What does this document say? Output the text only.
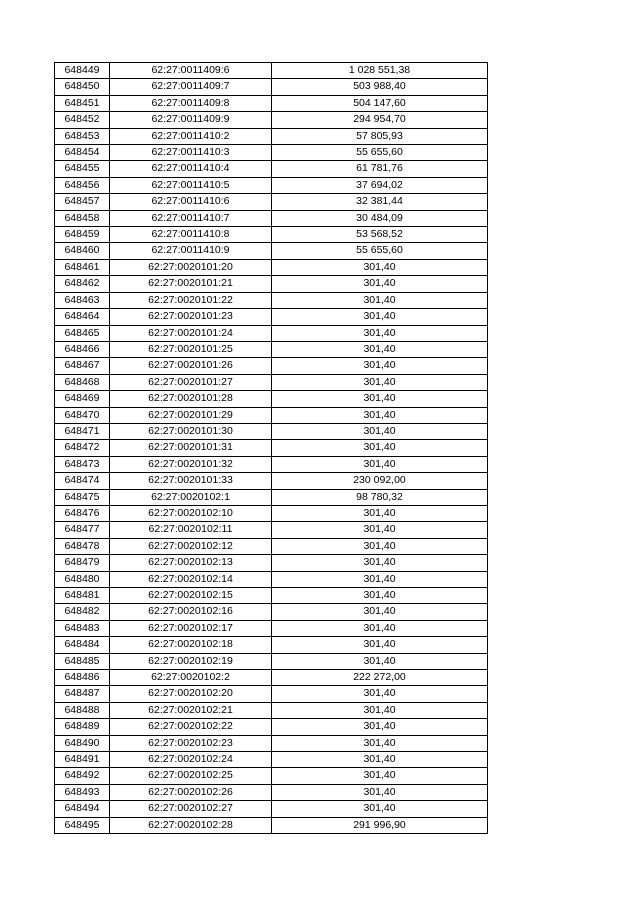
648449	62:27:0011409:6	1 028 551,38
648450	62:27:0011409:7	503 988,40
648451	62:27:0011409:8	504 147,60
648452	62:27:0011409:9	294 954,70
648453	62:27:0011410:2	57 805,93
648454	62:27:0011410:3	55 655,60
648455	62:27:0011410:4	61 781,76
648456	62:27:0011410:5	37 694,02
648457	62:27:0011410:6	32 381,44
648458	62:27:0011410:7	30 484,09
648459	62:27:0011410:8	53 568,52
648460	62:27:0011410:9	55 655,60
648461	62:27:0020101:20	301,40
648462	62:27:0020101:21	301,40
648463	62:27:0020101:22	301,40
648464	62:27:0020101:23	301,40
648465	62:27:0020101:24	301,40
648466	62:27:0020101:25	301,40
648467	62:27:0020101:26	301,40
648468	62:27:0020101:27	301,40
648469	62:27:0020101:28	301,40
648470	62:27:0020101:29	301,40
648471	62:27:0020101:30	301,40
648472	62:27:0020101:31	301,40
648473	62:27:0020101:32	301,40
648474	62:27:0020101:33	230 092,00
648475	62:27:0020102:1	98 780,32
648476	62:27:0020102:10	301,40
648477	62:27:0020102:11	301,40
648478	62:27:0020102:12	301,40
648479	62:27:0020102:13	301,40
648480	62:27:0020102:14	301,40
648481	62:27:0020102:15	301,40
648482	62:27:0020102:16	301,40
648483	62:27:0020102:17	301,40
648484	62:27:0020102:18	301,40
648485	62:27:0020102:19	301,40
648486	62:27:0020102:2	222 272,00
648487	62:27:0020102:20	301,40
648488	62:27:0020102:21	301,40
648489	62:27:0020102:22	301,40
648490	62:27:0020102:23	301,40
648491	62:27:0020102:24	301,40
648492	62:27:0020102:25	301,40
648493	62:27:0020102:26	301,40
648494	62:27:0020102:27	301,40
648495	62:27:0020102:28	291 996,90
